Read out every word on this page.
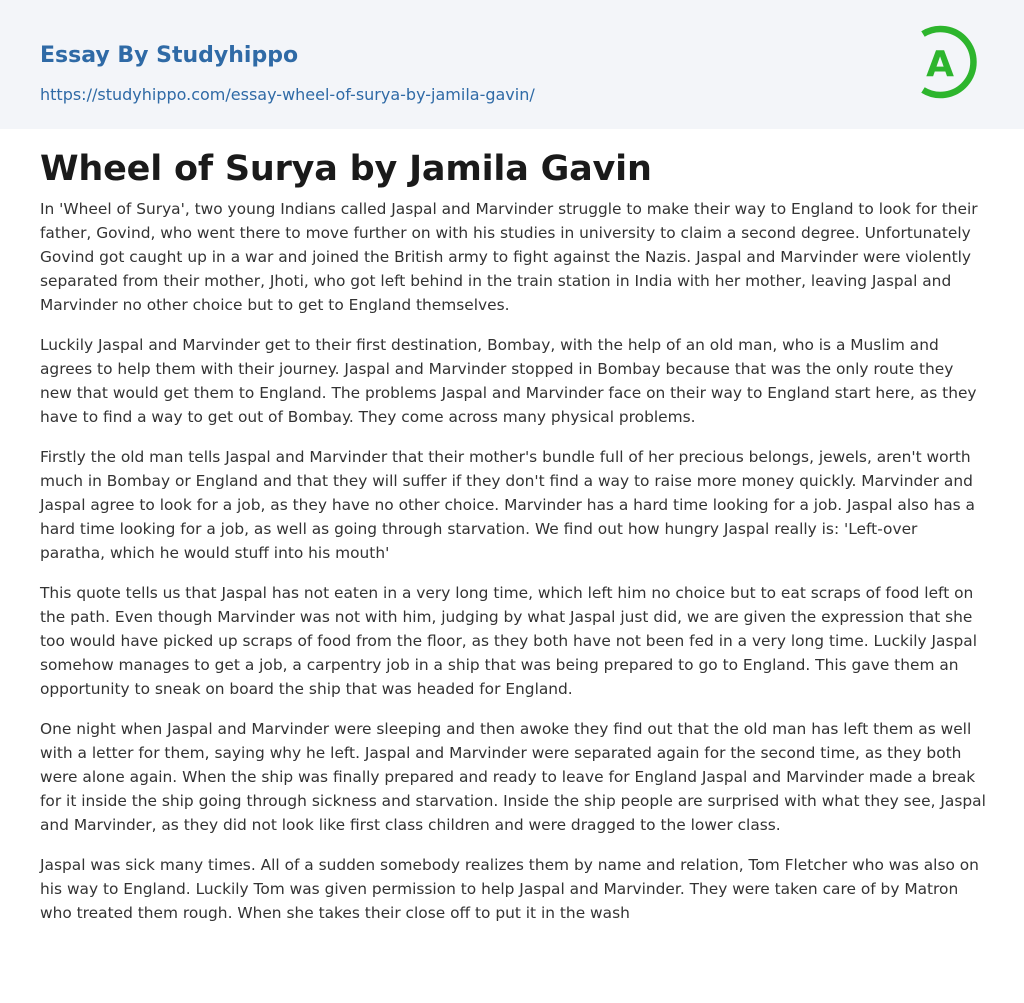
Essay By Studyhippo
https://studyhippo.com/essay-wheel-of-surya-by-jamila-gavin/
A
Wheel of Surya by Jamila Gavin

In 'Wheel of Surya', two young Indians called Jaspal and Marvinder struggle to make their way to England to look for their father, Govind, who went there to move further on with his studies in university to claim a second degree. Unfortunately Govind got caught up in a war and joined the British army to fight against the Nazis. Jaspal and Marvinder were violently separated from their mother, Jhoti, who got left behind in the train station in India with her mother, leaving Jaspal and Marvinder no other choice but to get to England themselves.

Luckily Jaspal and Marvinder get to their first destination, Bombay, with the help of an old man, who is a Muslim and agrees to help them with their journey. Jaspal and Marvinder stopped in Bombay because that was the only route they new that would get them to England. The problems Jaspal and Marvinder face on their way to England start here, as they have to find a way to get out of Bombay. They come across many physical problems.

Firstly the old man tells Jaspal and Marvinder that their mother's bundle full of her precious belongs, jewels, aren't worth much in Bombay or England and that they will suffer if they don't find a way to raise more money quickly. Marvinder and Jaspal agree to look for a job, as they have no other choice. Marvinder has a hard time looking for a job. Jaspal also has a hard time looking for a job, as well as going through starvation. We find out how hungry Jaspal really is: 'Left-over paratha, which he would stuff into his mouth'

This quote tells us that Jaspal has not eaten in a very long time, which left him no choice but to eat scraps of food left on the path. Even though Marvinder was not with him, judging by what Jaspal just did, we are given the expression that she too would have picked up scraps of food from the floor, as they both have not been fed in a very long time. Luckily Jaspal somehow manages to get a job, a carpentry job in a ship that was being prepared to go to England. This gave them an opportunity to sneak on board the ship that was headed for England.

One night when Jaspal and Marvinder were sleeping and then awoke they find out that the old man has left them as well with a letter for them, saying why he left. Jaspal and Marvinder were separated again for the second time, as they both were alone again. When the ship was finally prepared and ready to leave for England Jaspal and Marvinder made a break for it inside the ship going through sickness and starvation. Inside the ship people are surprised with what they see, Jaspal and Marvinder, as they did not look like first class children and were dragged to the lower class.

Jaspal was sick many times. All of a sudden somebody realizes them by name and relation, Tom Fletcher who was also on his way to England. Luckily Tom was given permission to help Jaspal and Marvinder. They were taken care of by Matron who treated them rough. When she takes their close off to put it in the wash
